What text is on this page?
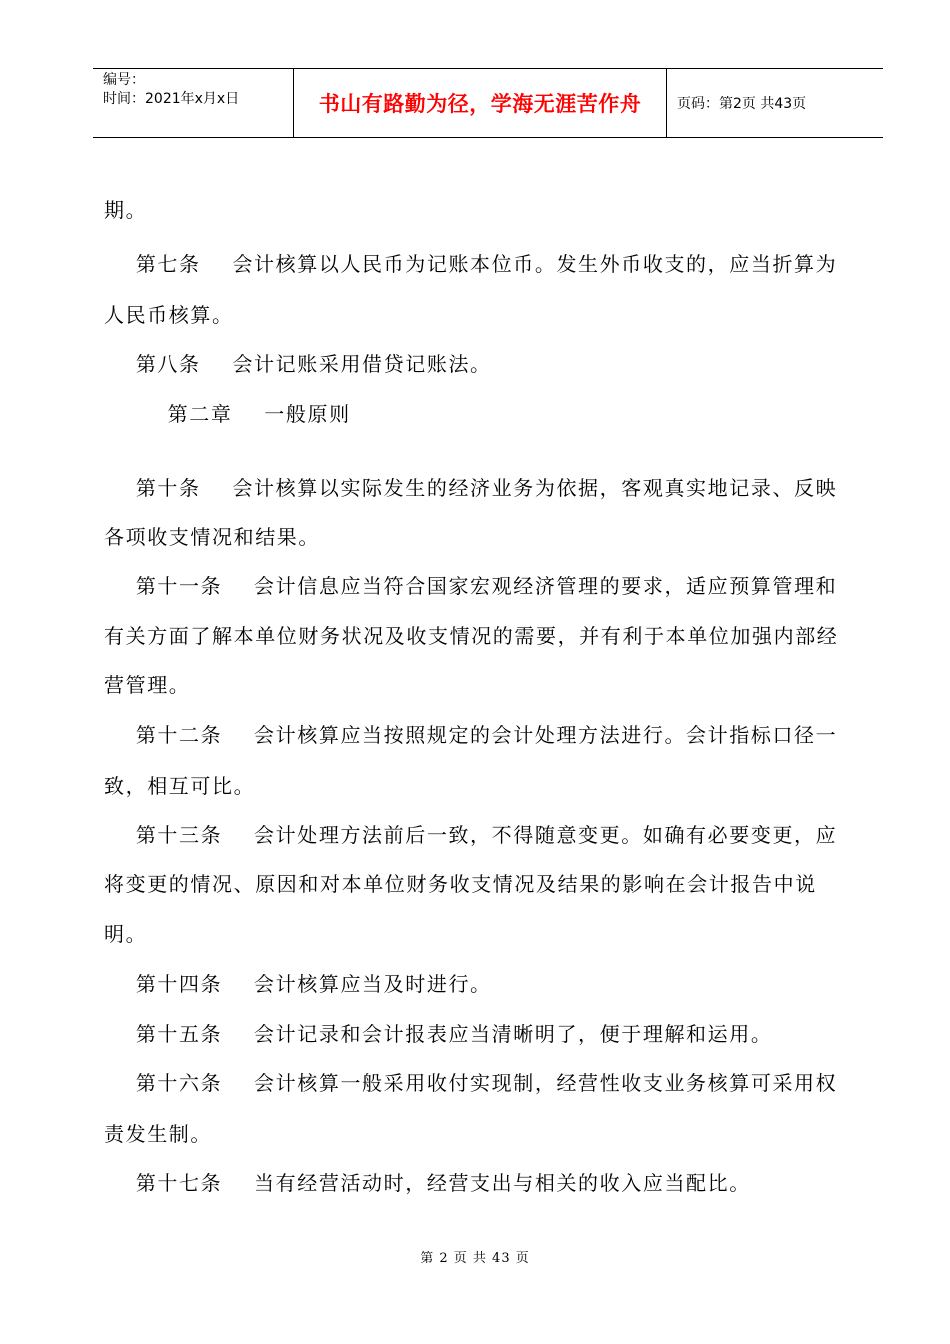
编号：
时间：2021年x月x日	书山有路勤为径，学海无涯苦作舟	页码：第2页 共43页
期。
第七条    会计核算以人民币为记账本位币。发生外币收支的，应当折算为
人民币核算。
第八条    会计记账采用借贷记账法。
第二章    一般原则
第十条    会计核算以实际发生的经济业务为依据，客观真实地记录、反映
各项收支情况和结果。
第十一条    会计信息应当符合国家宏观经济管理的要求，适应预算管理和
有关方面了解本单位财务状况及收支情况的需要，并有利于本单位加强内部经
营管理。
第十二条    会计核算应当按照规定的会计处理方法进行。会计指标口径一
致，相互可比。
第十三条    会计处理方法前后一致，不得随意变更。如确有必要变更，应
将变更的情况、原因和对本单位财务收支情况及结果的影响在会计报告中说
明。
第十四条    会计核算应当及时进行。
第十五条    会计记录和会计报表应当清晰明了，便于理解和运用。
第十六条    会计核算一般采用收付实现制，经营性收支业务核算可采用权
责发生制。
第十七条    当有经营活动时，经营支出与相关的收入应当配比。
第 2 页 共 43 页
